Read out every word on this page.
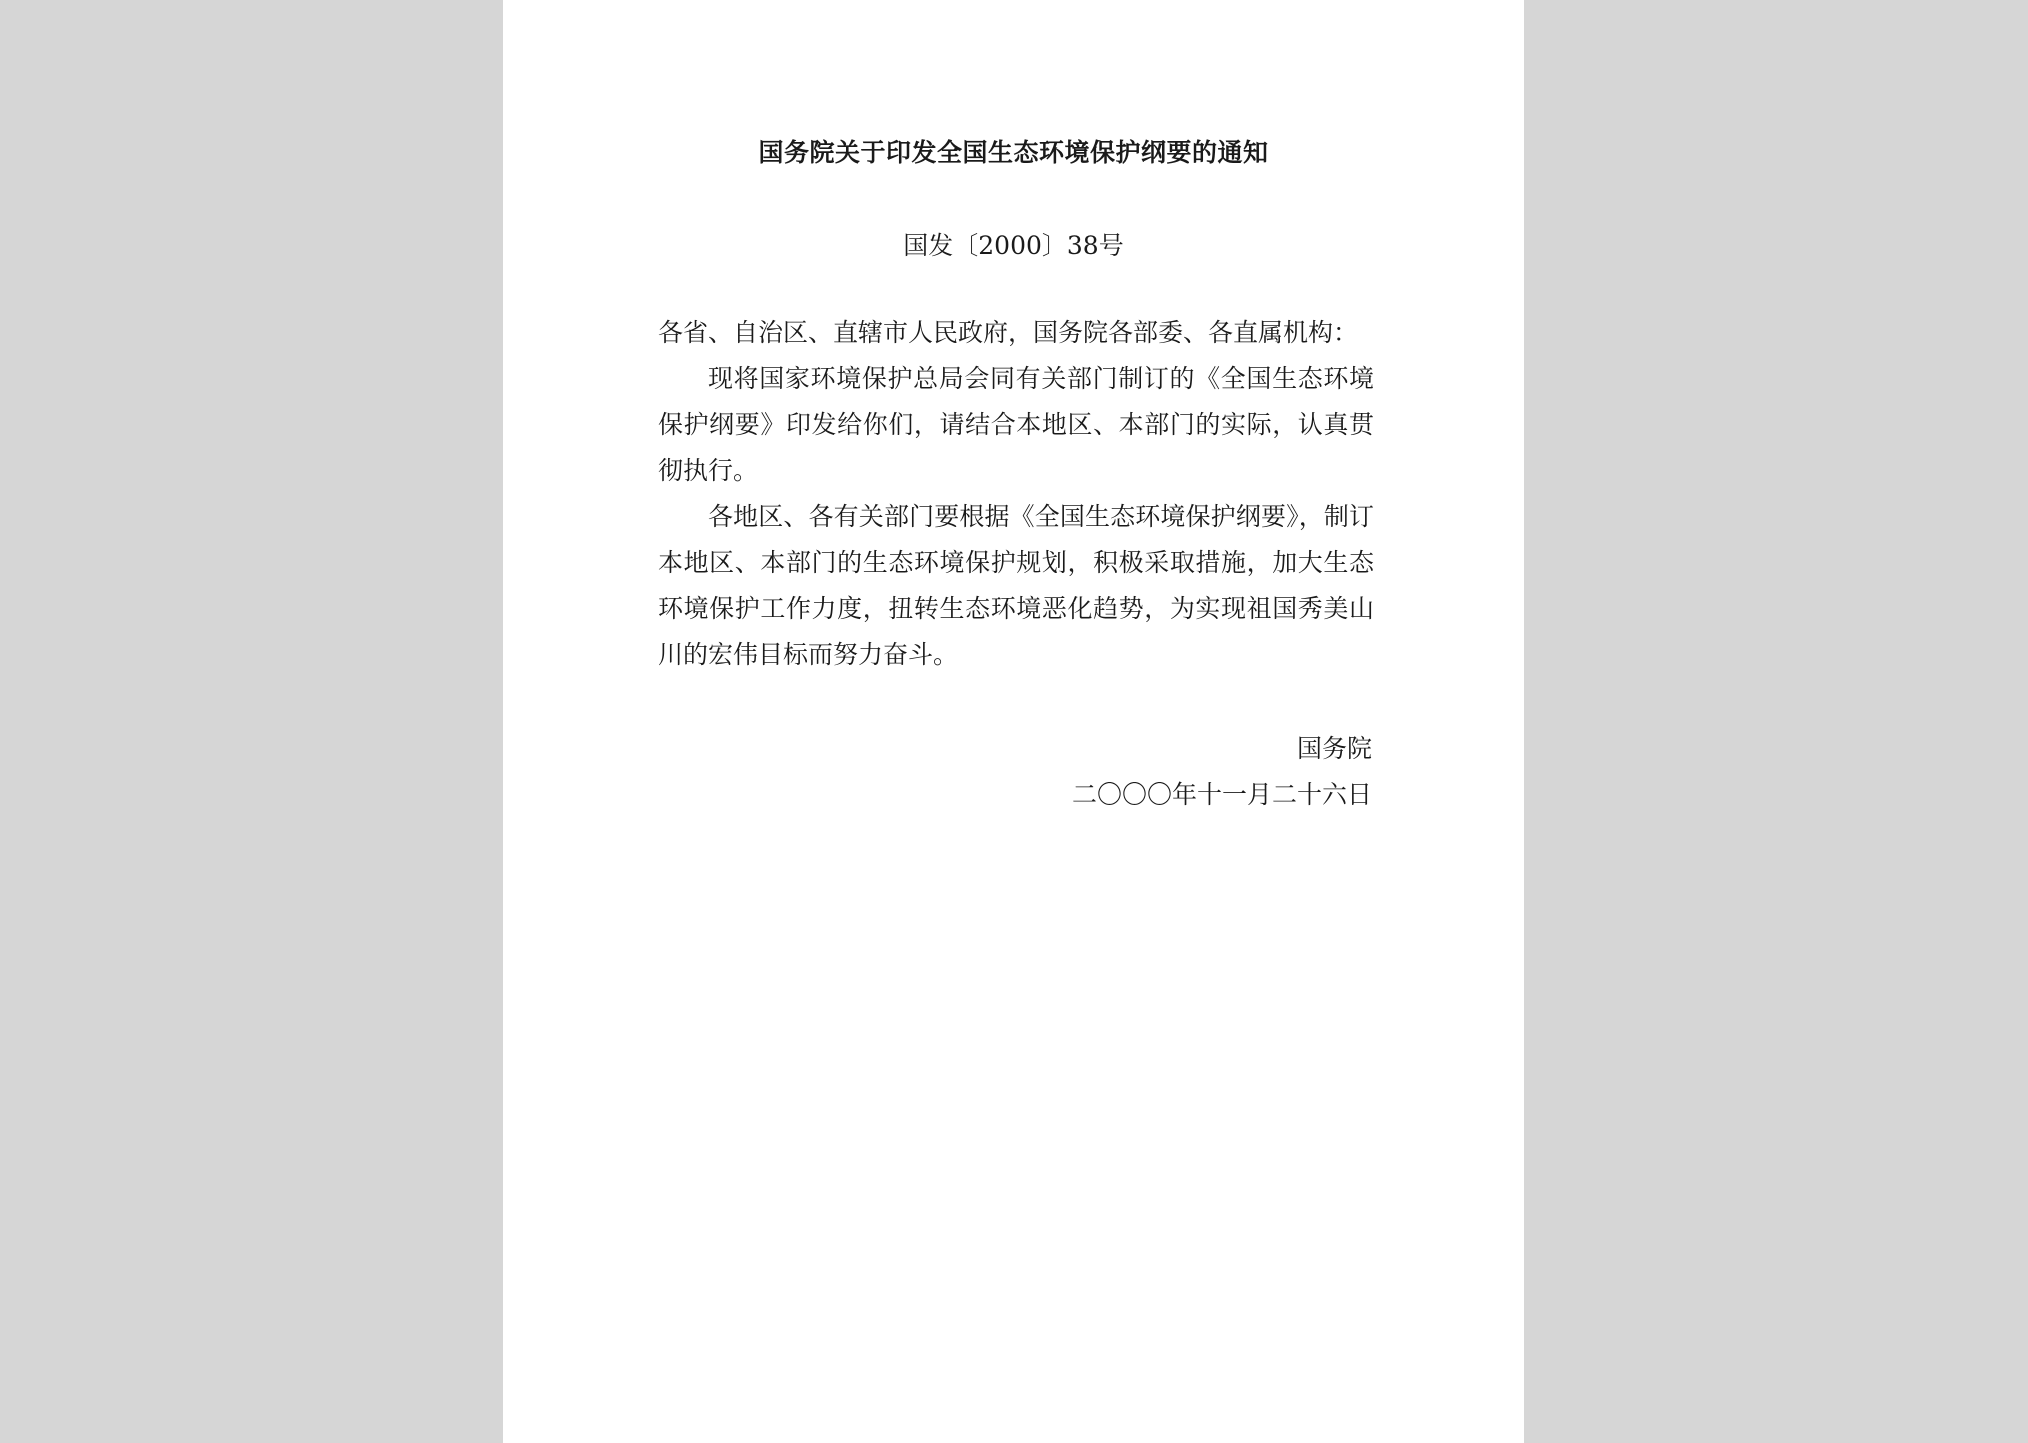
国务院关于印发全国生态环境保护纲要的通知
国发〔2000〕38号

各省、自治区、直辖市人民政府，国务院各部委、各直属机构：

现将国家环境保护总局会同有关部门制订的《全国生态环境保护纲要》印发给你们，请结合本地区、本部门的实际，认真贯彻执行。

各地区、各有关部门要根据《全国生态环境保护纲要》，制订本地区、本部门的生态环境保护规划，积极采取措施，加大生态环境保护工作力度，扭转生态环境恶化趋势，为实现祖国秀美山川的宏伟目标而努力奋斗。

国务院
二〇〇〇年十一月二十六日
